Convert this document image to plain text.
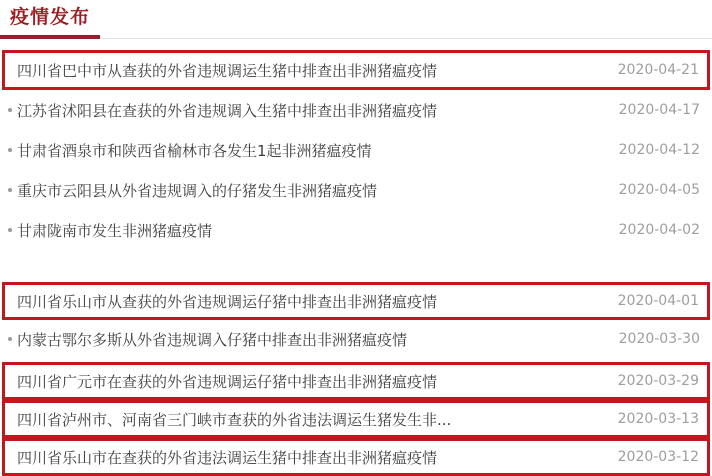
疫情发布
四川省巴中市从查获的外省违规调运生猪中排查出非洲猪瘟疫情	2020-04-21
江苏省沭阳县在查获的外省违规调入生猪中排查出非洲猪瘟疫情	2020-04-17
甘肃省酒泉市和陕西省榆林市各发生1起非洲猪瘟疫情	2020-04-12
重庆市云阳县从外省违规调入的仔猪发生非洲猪瘟疫情	2020-04-05
甘肃陇南市发生非洲猪瘟疫情	2020-04-02
四川省乐山市从查获的外省违规调运仔猪中排查出非洲猪瘟疫情	2020-04-01
内蒙古鄂尔多斯从外省违规调入仔猪中排查出非洲猪瘟疫情	2020-03-30
四川省广元市在查获的外省违规调运仔猪中排查出非洲猪瘟疫情	2020-03-29
四川省泸州市、河南省三门峡市查获的外省违法调运生猪发生非...	2020-03-13
四川省乐山市在查获的外省违法调运生猪中排查出非洲猪瘟疫情	2020-03-12
